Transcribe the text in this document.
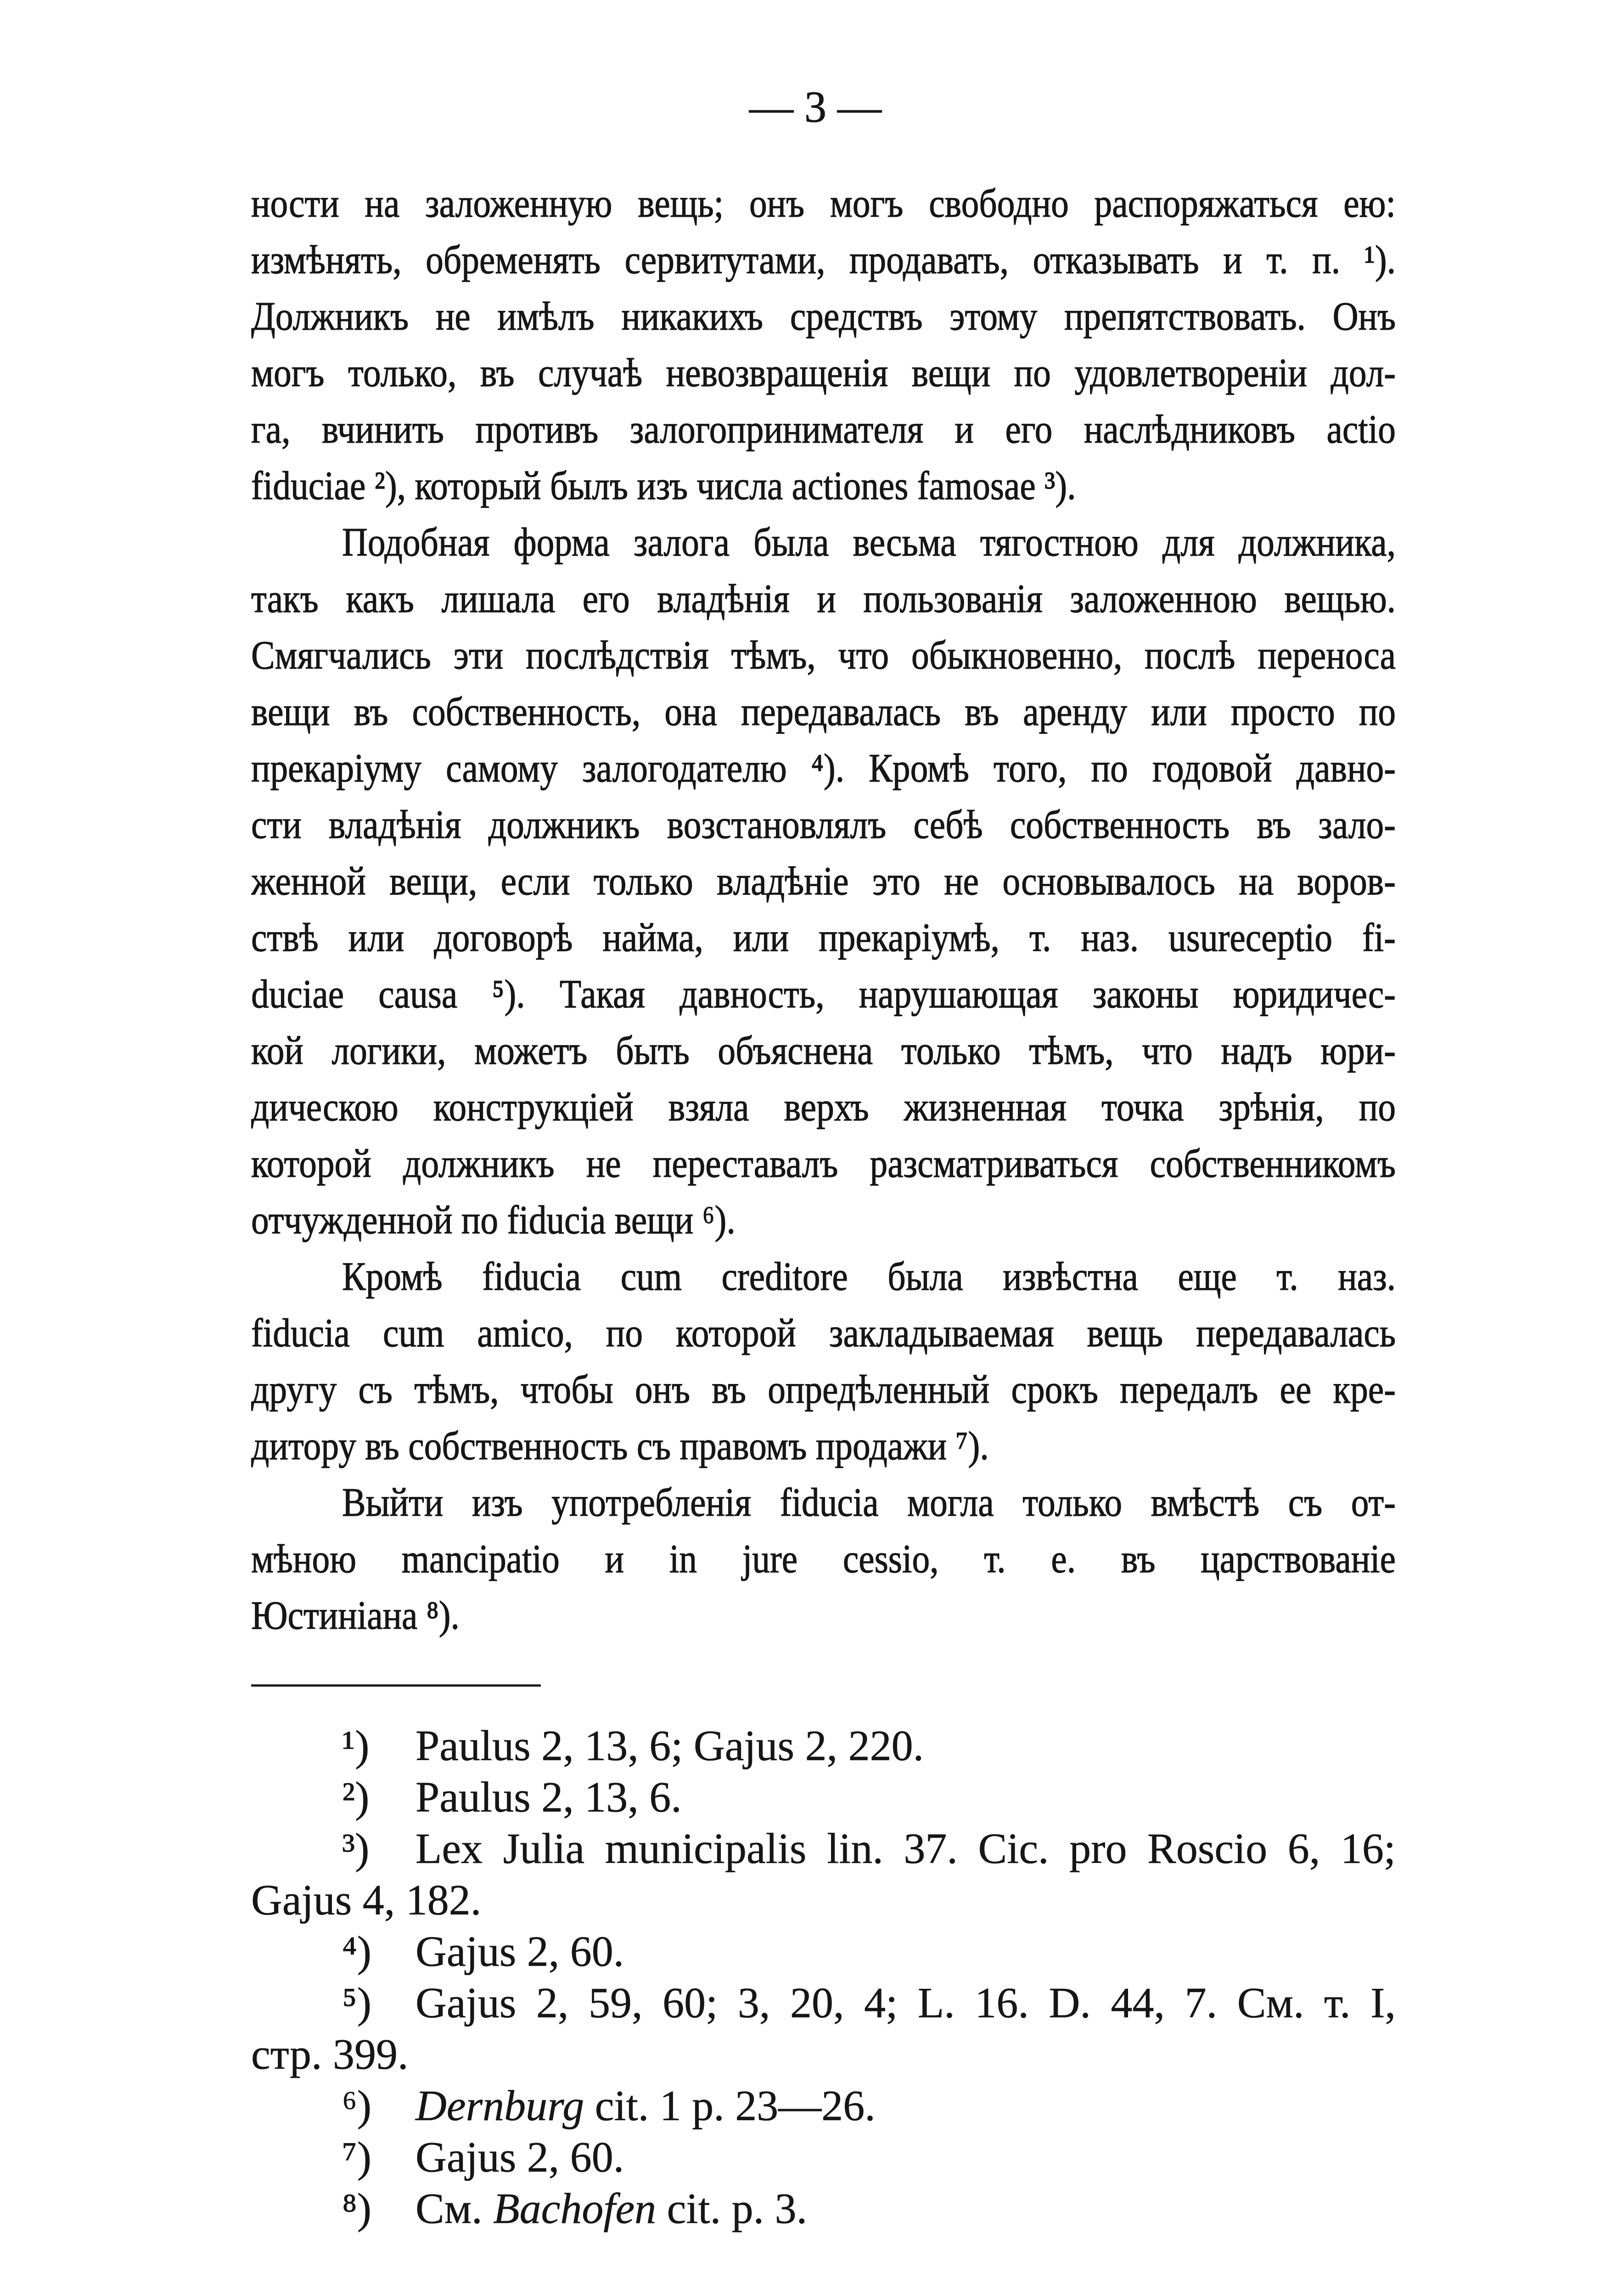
— 3 —
ности на заложенную вещь; онъ могъ свободно распоряжаться ею:
измѣнять, обременять сервитутами, продавать, отказывать и т. п. ¹).
Должникъ не имѣлъ никакихъ средствъ этому препятствовать. Онъ
могъ только, въ случаѣ невозвращенія вещи по удовлетвореніи дол-
га, вчинить противъ залогопринимателя и его наслѣдниковъ actio
fiduciae ²), который былъ изъ числа actiones famosae ³).
Подобная форма залога была весьма тягостною для должника,
такъ какъ лишала его владѣнія и пользованія заложенною вещью.
Смягчались эти послѣдствія тѣмъ, что обыкновенно, послѣ переноса
вещи въ собственность, она передавалась въ аренду или просто по
прекаріуму самому залогодателю ⁴). Кромѣ того, по годовой давно-
сти владѣнія должникъ возстановлялъ себѣ собственность въ зало-
женной вещи, если только владѣніе это не основывалось на воров-
ствѣ или договорѣ найма, или прекаріумѣ, т. наз. usureceptio fi-
duciae causa ⁵). Такая давность, нарушающая законы юридичес-
кой логики, можетъ быть объяснена только тѣмъ, что надъ юри-
дическою конструкціей взяла верхъ жизненная точка зрѣнія, по
которой должникъ не переставалъ разсматриваться собственникомъ
отчужденной по fiducia вещи ⁶).
Кромѣ fiducia cum creditore была извѣстна еще т. наз.
fiducia cum amico, по которой закладываемая вещь передавалась
другу съ тѣмъ, чтобы онъ въ опредѣленный срокъ передалъ ее кре-
дитору въ собственность съ правомъ продажи ⁷).
Выйти изъ употребленія fiducia могла только вмѣстѣ съ от-
мѣною mancipatio и in jure cessio, т. е. въ царствованіе
Юстиніана ⁸).
¹) Paulus 2, 13, 6; Gajus 2, 220.
²) Paulus 2, 13, 6.
³) Lex Julia municipalis lin. 37. Cic. pro Roscio 6, 16;
Gajus 4, 182.
⁴) Gajus 2, 60.
⁵) Gajus 2, 59, 60; 3, 20, 4; L. 16. D. 44, 7. См. т. I,
стр. 399.
⁶) Dernburg cit. 1 p. 23—26.
⁷) Gajus 2, 60.
⁸) См. Bachofen cit. p. 3.
